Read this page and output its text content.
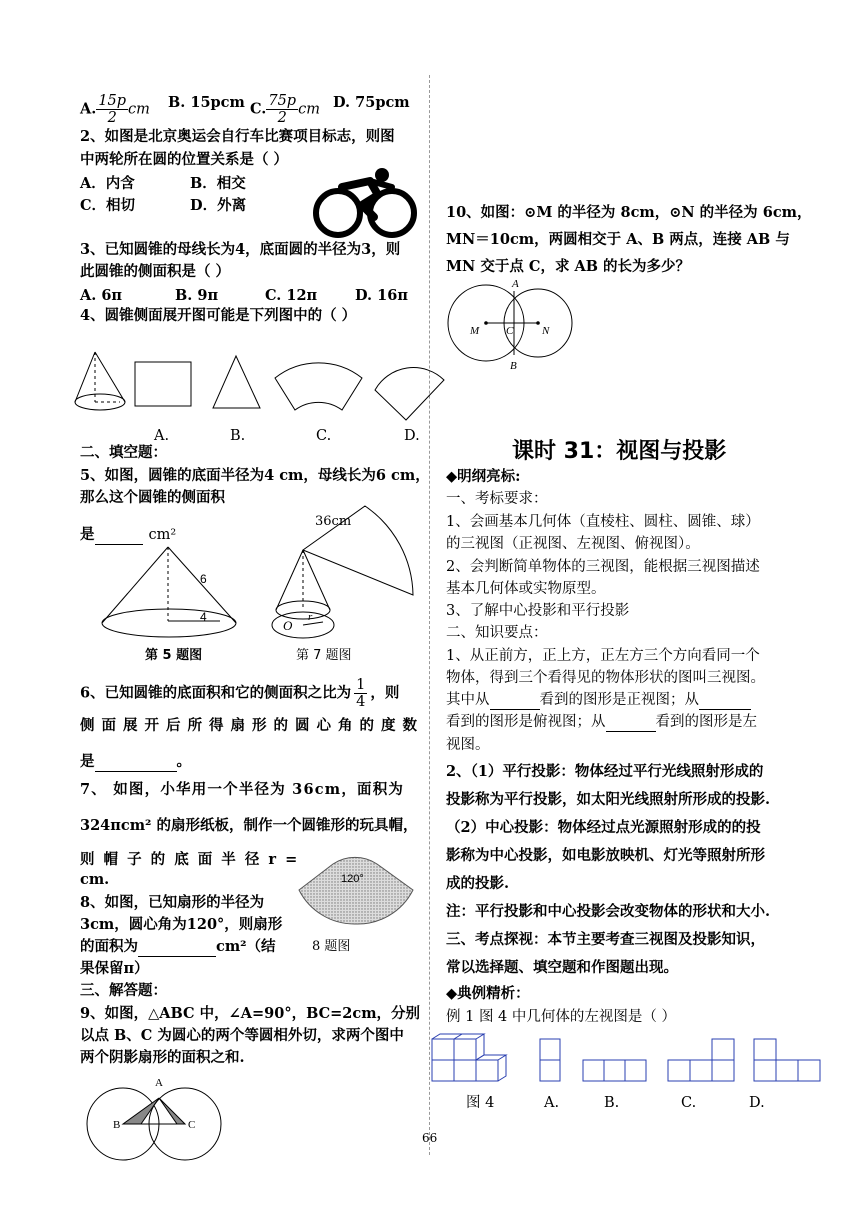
A. $\frac{15p}{2}$ cm B. 15pcm C. $\frac{75p}{2}$ cm D. 75pcm
2、如图是北京奥运会自行车比赛项目标志，则图
中两轮所在圆的位置关系是（ ）
A．内含	B．相交
C．相切	D．外离
3、已知圆锥的母线长为4，底面圆的半径为3，则
此圆锥的侧面积是（ ）
A. 6π	B. 9π	C. 12π	D. 16π
4、圆锥侧面展开图可能是下列图中的（ ）
A.	B.	C.	D.
二、填空题：
5、如图，圆锥的底面半径为4 cm，母线长为6 cm，
那么这个圆锥的侧面积
是	cm²
6
4
第 5 题图
36cm
O
r
第 7 题图
6、已知圆锥的底面积和它的侧面积之比为 $\frac{1}{4}$ ，则
侧面展开后所得扇形的圆心角的度数
是	。
7、 如图，小华用一个半径为 36cm，面积为
324πcm² 的扇形纸板，制作一个圆锥形的玩具帽，
则 帽 子 的 底 面 半 径 r =
cm.
8、如图，已知扇形的半径为
3cm，圆心角为120°，则扇形
的面积为	cm²（结
果保留π）
120°
8 题图
三、解答题：
9、如图，△ABC 中，∠A=90°，BC=2cm，分别
以点 B、C 为圆心的两个等圆相外切，求两个图中
两个阴影扇形的面积之和.
A
B	C
10、如图：⊙M 的半径为 8cm，⊙N 的半径为 6cm，
MN＝10cm，两圆相交于 A、B 两点，连接 AB 与
MN 交于点 C，求 AB 的长为多少？
A
B
C
M	N
课时 31：视图与投影
◆明纲亮标:
一、考标要求：
1、会画基本几何体（直棱柱、圆柱、圆锥、球）
的三视图（正视图、左视图、俯视图）。
2、会判断简单物体的三视图，能根据三视图描述
基本几何体或实物原型。
3、了解中心投影和平行投影
二、知识要点：
1、从正前方，正上方，正左方三个方向看同一个
物体，得到三个看得见的物体形状的图叫三视图。
其中从	看到的图形是正视图；从
看到的图形是俯视图；从	看到的图形是左
视图。
2、（1）平行投影：物体经过平行光线照射形成的
投影称为平行投影，如太阳光线照射所形成的投影.
（2）中心投影：物体经过点光源照射形成的的投
影称为中心投影，如电影放映机、灯光等照射所形
成的投影.
注：平行投影和中心投影会改变物体的形状和大小.
三、考点探视：本节主要考查三视图及投影知识，
常以选择题、填空题和作图题出现。
◆典例精析：
例 1 图 4 中几何体的左视图是（ ）
图 4	A.	B.	C.	D.
66
